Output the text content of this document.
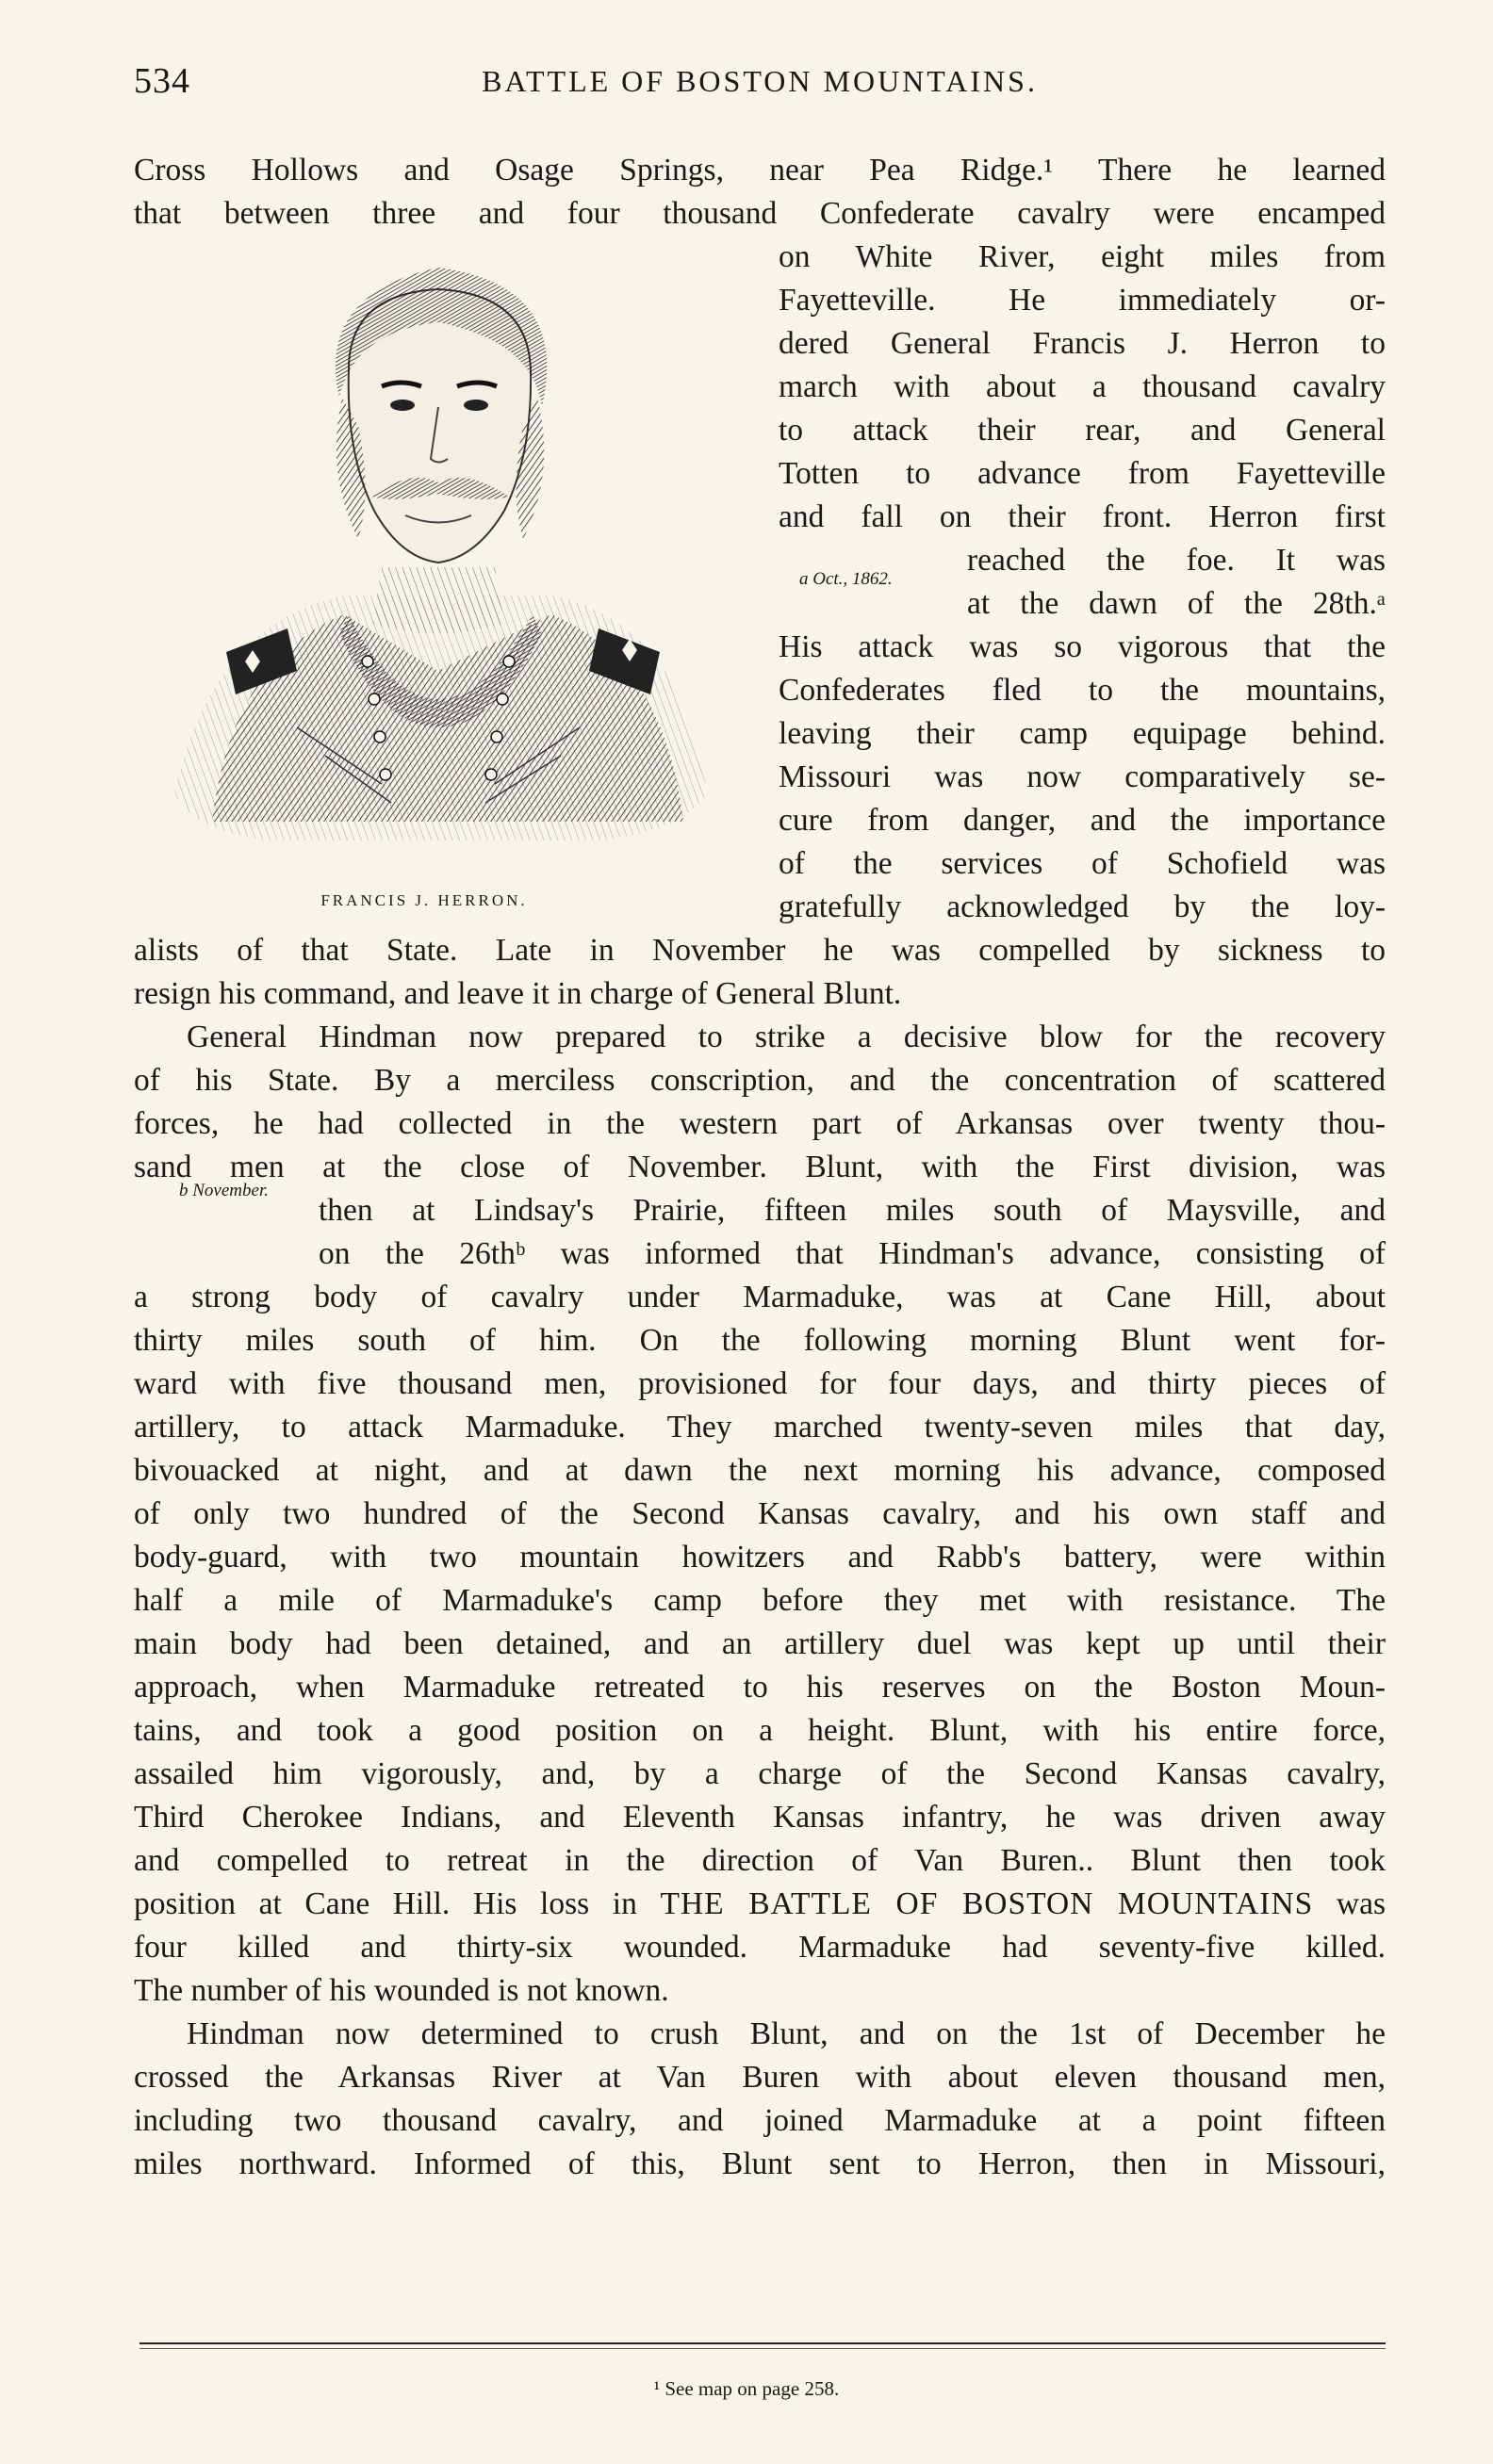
534	BATTLE OF BOSTON MOUNTAINS.
FRANCIS J. HERRON.
a Oct., 1862.
b November.
Cross Hollows and Osage Springs, near Pea Ridge.¹ There he learned
that between three and four thousand Confederate cavalry were encamped
on White River, eight miles from
Fayetteville. He immediately or-
dered General Francis J. Herron to
march with about a thousand cavalry
to attack their rear, and General
Totten to advance from Fayetteville
and fall on their front. Herron first
reached the foe. It was
at the dawn of the 28th.ᵃ
His attack was so vigorous that the
Confederates fled to the mountains,
leaving their camp equipage behind.
Missouri was now comparatively se-
cure from danger, and the importance
of the services of Schofield was
gratefully acknowledged by the loy-
alists of that State. Late in November he was compelled by sickness to
resign his command, and leave it in charge of General Blunt.
General Hindman now prepared to strike a decisive blow for the recovery
of his State. By a merciless conscription, and the concentration of scattered
forces, he had collected in the western part of Arkansas over twenty thou-
sand men at the close of November. Blunt, with the First division, was
then at Lindsay's Prairie, fifteen miles south of Maysville, and
on the 26thᵇ was informed that Hindman's advance, consisting of
a strong body of cavalry under Marmaduke, was at Cane Hill, about
thirty miles south of him. On the following morning Blunt went for-
ward with five thousand men, provisioned for four days, and thirty pieces of
artillery, to attack Marmaduke. They marched twenty-seven miles that day,
bivouacked at night, and at dawn the next morning his advance, composed
of only two hundred of the Second Kansas cavalry, and his own staff and
body-guard, with two mountain howitzers and Rabb's battery, were within
half a mile of Marmaduke's camp before they met with resistance. The
main body had been detained, and an artillery duel was kept up until their
approach, when Marmaduke retreated to his reserves on the Boston Moun-
tains, and took a good position on a height. Blunt, with his entire force,
assailed him vigorously, and, by a charge of the Second Kansas cavalry,
Third Cherokee Indians, and Eleventh Kansas infantry, he was driven away
and compelled to retreat in the direction of Van Buren.. Blunt then took
position at Cane Hill. His loss in THE BATTLE OF BOSTON MOUNTAINS was
four killed and thirty-six wounded. Marmaduke had seventy-five killed.
The number of his wounded is not known.
Hindman now determined to crush Blunt, and on the 1st of December he
crossed the Arkansas River at Van Buren with about eleven thousand men,
including two thousand cavalry, and joined Marmaduke at a point fifteen
miles northward. Informed of this, Blunt sent to Herron, then in Missouri,
¹ See map on page 258.
